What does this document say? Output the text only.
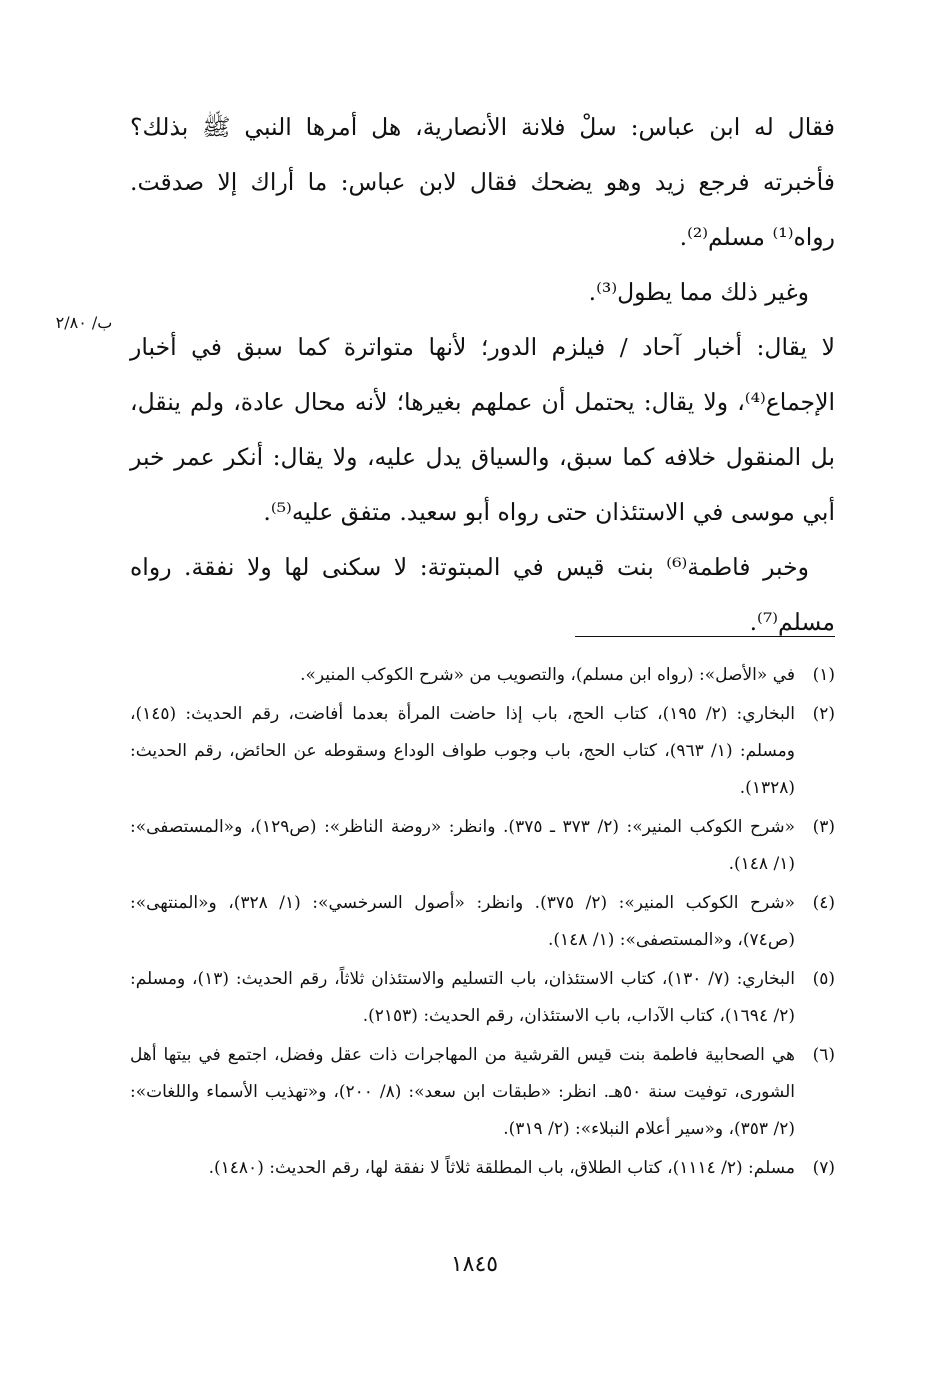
فقال له ابن عباس: سلْ فلانة الأنصارية، هل أمرها النبي ﷺ بذلك؟ فأخبرته فرجع زيد وهو يضحك فقال لابن عباس: ما أراك إلا صدقت. رواه⁽¹⁾ مسلم⁽²⁾.

وغير ذلك مما يطول⁽³⁾.

لا يقال: أخبار آحاد / فيلزم الدور؛ لأنها متواترة كما سبق في أخبار الإجماع⁽⁴⁾، ولا يقال: يحتمل أن عملهم بغيرها؛ لأنه محال عادة، ولم ينقل، بل المنقول خلافه كما سبق، والسياق يدل عليه، ولا يقال: أنكر عمر خبر أبي موسى في الاستئذان حتى رواه أبو سعيد. متفق عليه⁽⁵⁾.

وخبر فاطمة⁽⁶⁾ بنت قيس في المبتوتة: لا سكنى لها ولا نفقة. رواه مسلم⁽⁷⁾.

ب/ ٢/٨٠
(١)
في «الأصل»: (رواه ابن مسلم)، والتصويب من «شرح الكوكب المنير».
(٢)
البخاري: (٢/ ١٩٥)، كتاب الحج، باب إذا حاضت المرأة بعدما أفاضت، رقم الحديث: (١٤٥)، ومسلم: (١/ ٩٦٣)، كتاب الحج، باب وجوب طواف الوداع وسقوطه عن الحائض، رقم الحديث: (١٣٢٨).
(٣)
«شرح الكوكب المنير»: (٢/ ٣٧٣ ـ ٣٧٥). وانظر: «روضة الناظر»: (ص١٢٩)، و«المستصفى»: (١/ ١٤٨).
(٤)
«شرح الكوكب المنير»: (٢/ ٣٧٥). وانظر: «أصول السرخسي»: (١/ ٣٢٨)، و«المنتهى»: (ص٧٤)، و«المستصفى»: (١/ ١٤٨).
(٥)
البخاري: (٧/ ١٣٠)، كتاب الاستئذان، باب التسليم والاستئذان ثلاثاً، رقم الحديث: (١٣)، ومسلم: (٢/ ١٦٩٤)، كتاب الآداب، باب الاستئذان، رقم الحديث: (٢١٥٣).
(٦)
هي الصحابية فاطمة بنت قيس القرشية من المهاجرات ذات عقل وفضل، اجتمع في بيتها أهل الشورى، توفيت سنة ٥٠هـ. انظر: «طبقات ابن سعد»: (٨/ ٢٠٠)، و«تهذيب الأسماء واللغات»: (٢/ ٣٥٣)، و«سير أعلام النبلاء»: (٢/ ٣١٩).
(٧)
مسلم: (٢/ ١١١٤)، كتاب الطلاق، باب المطلقة ثلاثاً لا نفقة لها، رقم الحديث: (١٤٨٠).
١٨٤٥
